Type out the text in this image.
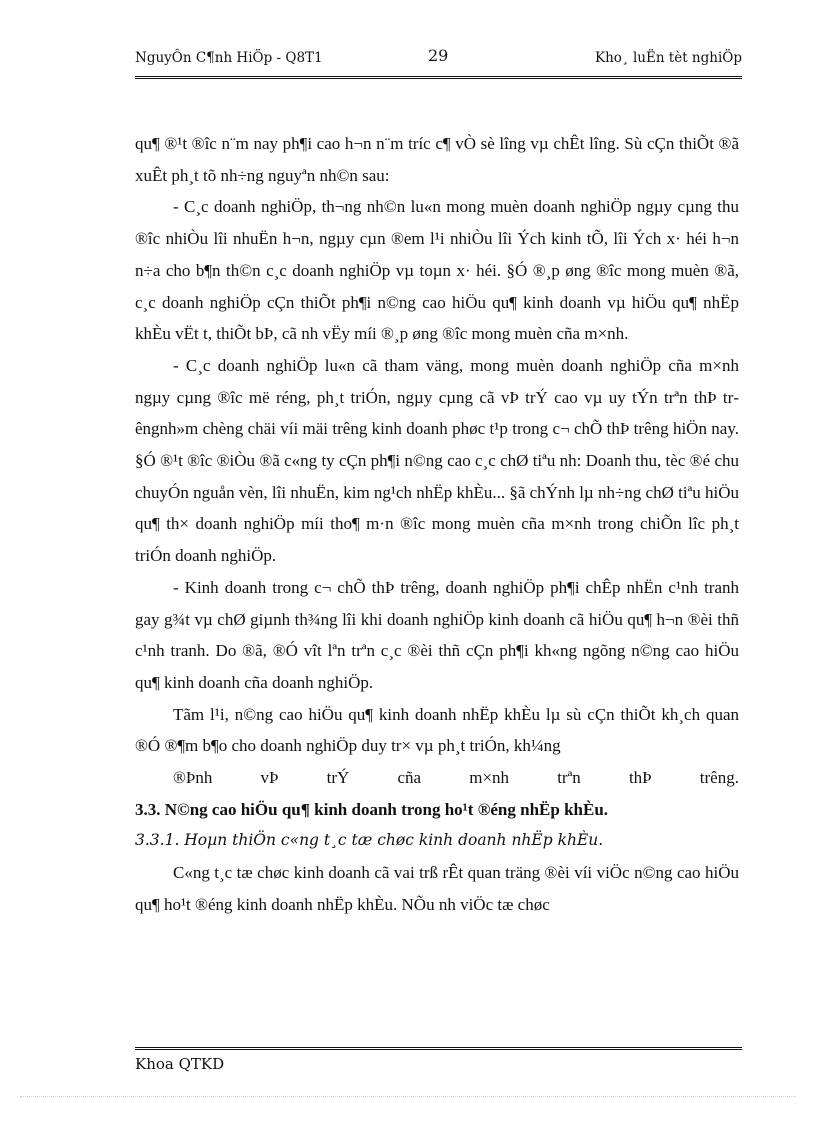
NguyÔn C¶nh HiÖp - Q8T1	29	Kho¸ luËn tèt nghiÖp

qu¶ ®¹t ®îc n¨m nay ph¶i cao h¬n n¨m tríc c¶ vÒ sè lîng vµ chÊt lîng. Sù cÇn thiÕt ®ã xuÊt ph¸t tõ nh÷ng nguyªn nh©n sau:

- C¸c doanh nghiÖp, th¬ng nh©n lu«n mong muèn doanh nghiÖp ngµy cµng thu ®îc nhiÒu lîi nhuËn h¬n, ngµy cµn ®em l¹i nhiÒu lîi Ých kinh tÕ, lîi Ých x· héi h¬n n÷a cho b¶n th©n c¸c doanh nghiÖp vµ toµn x· héi. §Ó ®¸p øng ®îc mong muèn ®ã, c¸c doanh nghiÖp cÇn thiÕt ph¶i n©ng cao hiÖu qu¶ kinh doanh vµ hiÖu qu¶ nhËp khÈu vËt t, thiÕt bÞ, cã nh vËy míi ®¸p øng ®îc mong muèn cña m×nh.

- C¸c doanh nghiÖp lu«n cã tham väng, mong muèn doanh nghiÖp cña m×nh ngµy cµng ®îc më réng, ph¸t triÓn, ngµy cµng cã vÞ trÝ cao vµ uy tÝn trªn thÞ trêngnh»m chèng chäi víi mäi trêng kinh doanh phøc t¹p trong c¬ chÕ thÞ trêng hiÖn nay. §Ó ®¹t ®îc ®iÒu ®ã c«ng ty cÇn ph¶i n©ng cao c¸c chØ tiªu nh: Doanh thu, tèc ®é chu chuyÓn nguån vèn, lîi nhuËn, kim ng¹ch nhËp khÈu... §ã chÝnh lµ nh÷ng chØ tiªu hiÖu qu¶ th× doanh nghiÖp míi tho¶ m·n ®îc mong muèn cña m×nh trong chiÕn lîc ph¸t triÓn doanh nghiÖp.

- Kinh doanh trong c¬ chÕ thÞ trêng, doanh nghiÖp ph¶i chÊp nhËn c¹nh tranh gay g¾t vµ chØ giµnh th¾ng lîi khi doanh nghiÖp kinh doanh cã hiÖu qu¶ h¬n ®èi thñ c¹nh tranh. Do ®ã, ®Ó vît lªn trªn c¸c ®èi thñ cÇn ph¶i kh«ng ngõng n©ng cao hiÖu qu¶ kinh doanh cña doanh nghiÖp.

Tãm l¹i, n©ng cao hiÖu qu¶ kinh doanh nhËp khÈu lµ sù cÇn thiÕt kh¸ch quan ®Ó ®¶m b¶o cho doanh nghiÖp duy tr× vµ ph¸t triÓn, kh¼ng
®Þnh	vÞ	trÝ	cña	m×nh	trªn	thÞ	trêng.

3.3. N©ng cao hiÖu qu¶ kinh doanh trong ho¹t ®éng nhËp khÈu.

3.3.1. Hoµn thiÖn c«ng t¸c tæ chøc kinh doanh nhËp khÈu.

C«ng t¸c tæ chøc kinh doanh cã vai trß rÊt quan träng ®èi víi viÖc n©ng cao hiÖu qu¶ ho¹t ®éng kinh doanh nhËp khÈu. NÕu nh viÖc tæ chøc

Khoa QTKD
